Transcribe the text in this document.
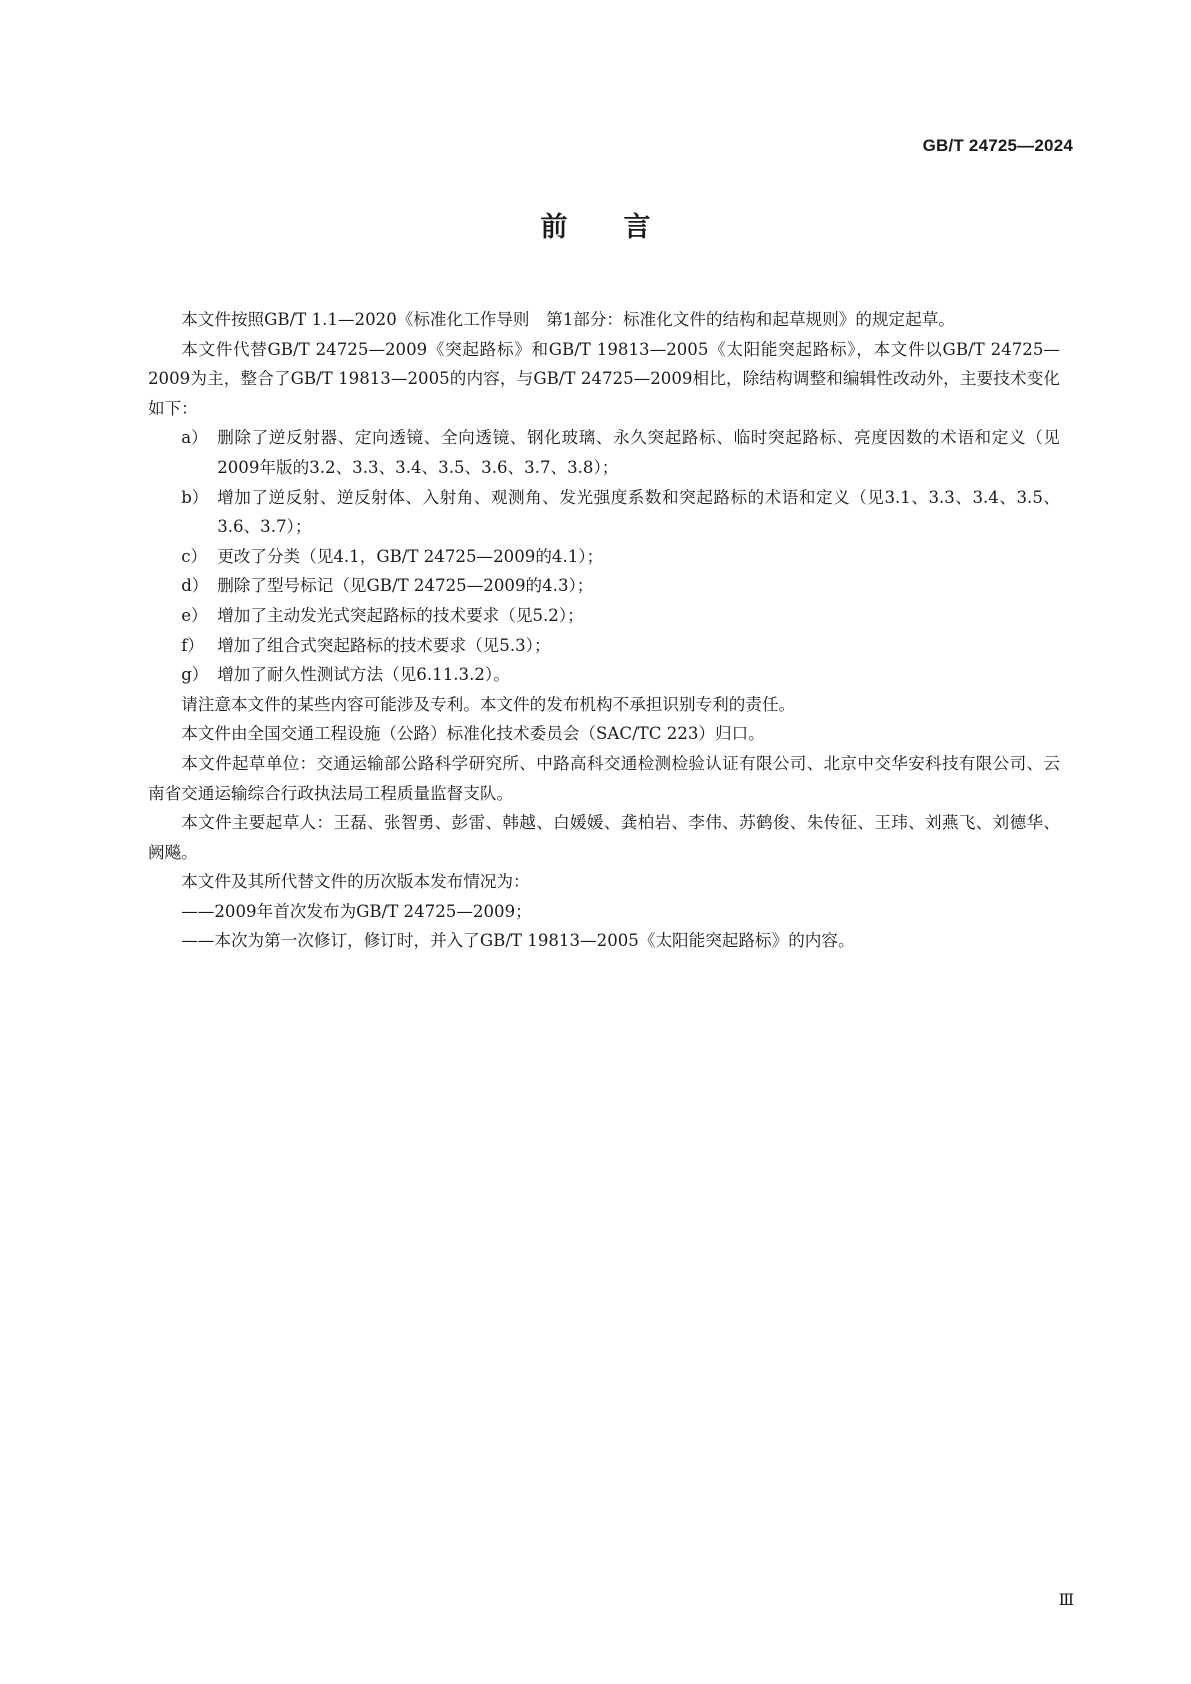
GB/T 24725—2024
前言

本文件按照GB/T 1.1—2020《标准化工作导则　第1部分：标准化文件的结构和起草规则》的规定起草。

本文件代替GB/T 24725—2009《突起路标》和GB/T 19813—2005《太阳能突起路标》，本文件以GB/T 24725—2009为主，整合了GB/T 19813—2005的内容，与GB/T 24725—2009相比，除结构调整和编辑性改动外，主要技术变化如下：

a） 删除了逆反射器、定向透镜、全向透镜、钢化玻璃、永久突起路标、临时突起路标、亮度因数的术语和定义（见2009年版的3.2、3.3、3.4、3.5、3.6、3.7、3.8）；
b） 增加了逆反射、逆反射体、入射角、观测角、发光强度系数和突起路标的术语和定义（见3.1、3.3、3.4、3.5、3.6、3.7）；
c） 更改了分类（见4.1，GB/T 24725—2009的4.1）；
d） 删除了型号标记（见GB/T 24725—2009的4.3）；
e） 增加了主动发光式突起路标的技术要求（见5.2）；
f） 增加了组合式突起路标的技术要求（见5.3）；
g） 增加了耐久性测试方法（见6.11.3.2）。

请注意本文件的某些内容可能涉及专利。本文件的发布机构不承担识别专利的责任。

本文件由全国交通工程设施（公路）标准化技术委员会（SAC/TC 223）归口。

本文件起草单位：交通运输部公路科学研究所、中路高科交通检测检验认证有限公司、北京中交华安科技有限公司、云南省交通运输综合行政执法局工程质量监督支队。

本文件主要起草人：王磊、张智勇、彭雷、韩越、白媛媛、龚柏岩、李伟、苏鹤俊、朱传征、王玮、刘燕飞、刘德华、阙飚。

本文件及其所代替文件的历次版本发布情况为：

——2009年首次发布为GB/T 24725—2009；

——本次为第一次修订，修订时，并入了GB/T 19813—2005《太阳能突起路标》的内容。

Ⅲ
